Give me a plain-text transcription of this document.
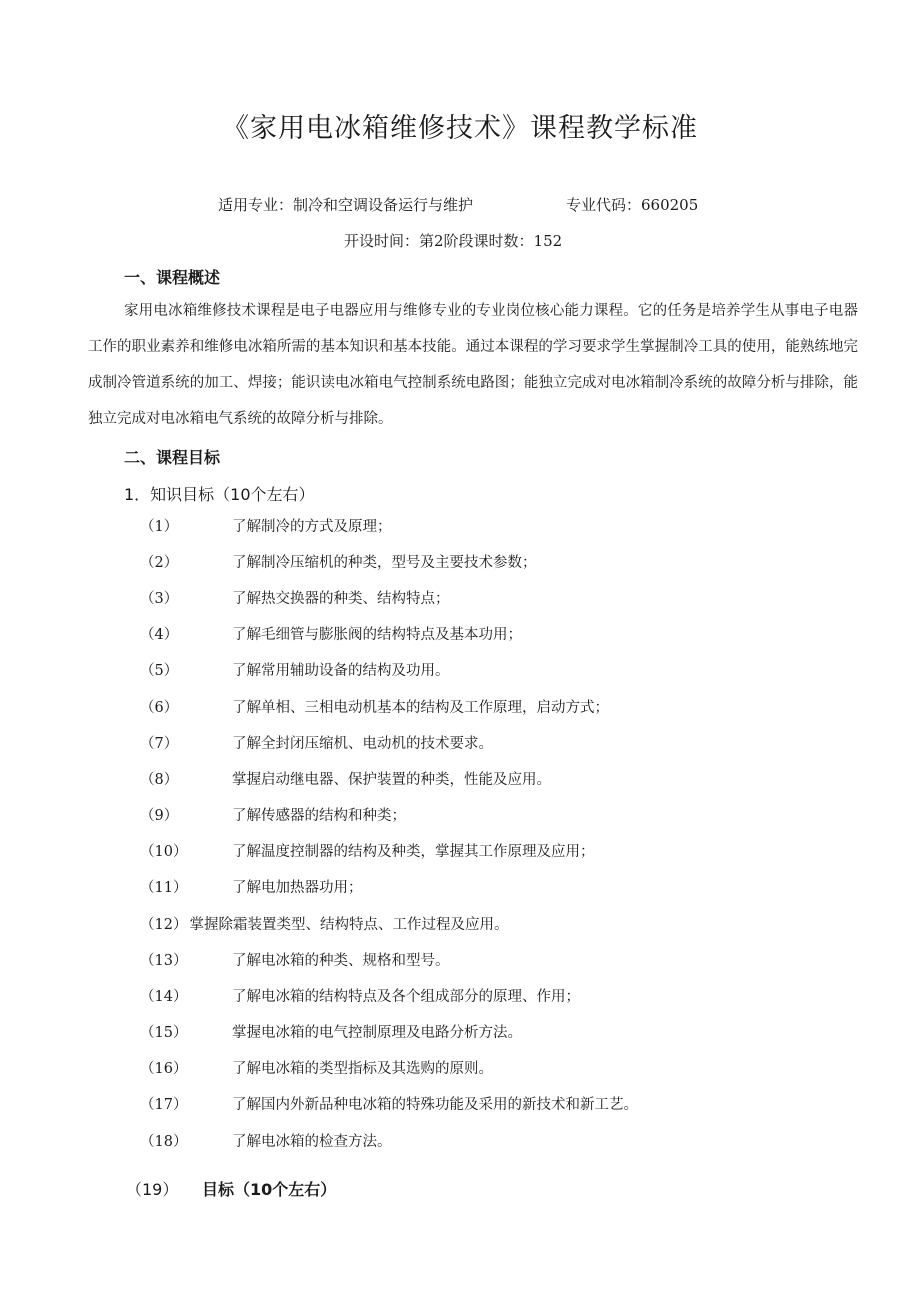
《家用电冰箱维修技术》课程教学标准
适用专业：制冷和空调设备运行与维护	专业代码：660205
开设时间：第2阶段课时数：152
一、课程概述
家用电冰箱维修技术课程是电子电器应用与维修专业的专业岗位核心能力课程。它的任务是培养学生从事电子电器工作的职业素养和维修电冰箱所需的基本知识和基本技能。通过本课程的学习要求学生掌握制冷工具的使用，能熟练地完成制冷管道系统的加工、焊接；能识读电冰箱电气控制系统电路图；能独立完成对电冰箱制冷系统的故障分析与排除，能独立完成对电冰箱电气系统的故障分析与排除。
二、课程目标
1．知识目标（10个左右）
（1）	了解制冷的方式及原理；
（2）	了解制冷压缩机的种类，型号及主要技术参数；
（3）	了解热交换器的种类、结构特点；
（4）	了解毛细管与膨胀阀的结构特点及基本功用；
（5）	了解常用辅助设备的结构及功用。
（6）	了解单相、三相电动机基本的结构及工作原理，启动方式；
（7）	了解全封闭压缩机、电动机的技术要求。
（8）	掌握启动继电器、保护装置的种类，性能及应用。
（9）	了解传感器的结构和种类；
（10）	了解温度控制器的结构及种类，掌握其工作原理及应用；
（11）	了解电加热器功用；
（12） 掌握除霜装置类型、结构特点、工作过程及应用。
（13）	了解电冰箱的种类、规格和型号。
（14）	了解电冰箱的结构特点及各个组成部分的原理、作用；
（15）	掌握电冰箱的电气控制原理及电路分析方法。
（16）	了解电冰箱的类型指标及其选购的原则。
（17）	了解国内外新品种电冰箱的特殊功能及采用的新技术和新工艺。
（18）	了解电冰箱的检查方法。
（19） 目标（10个左右）
